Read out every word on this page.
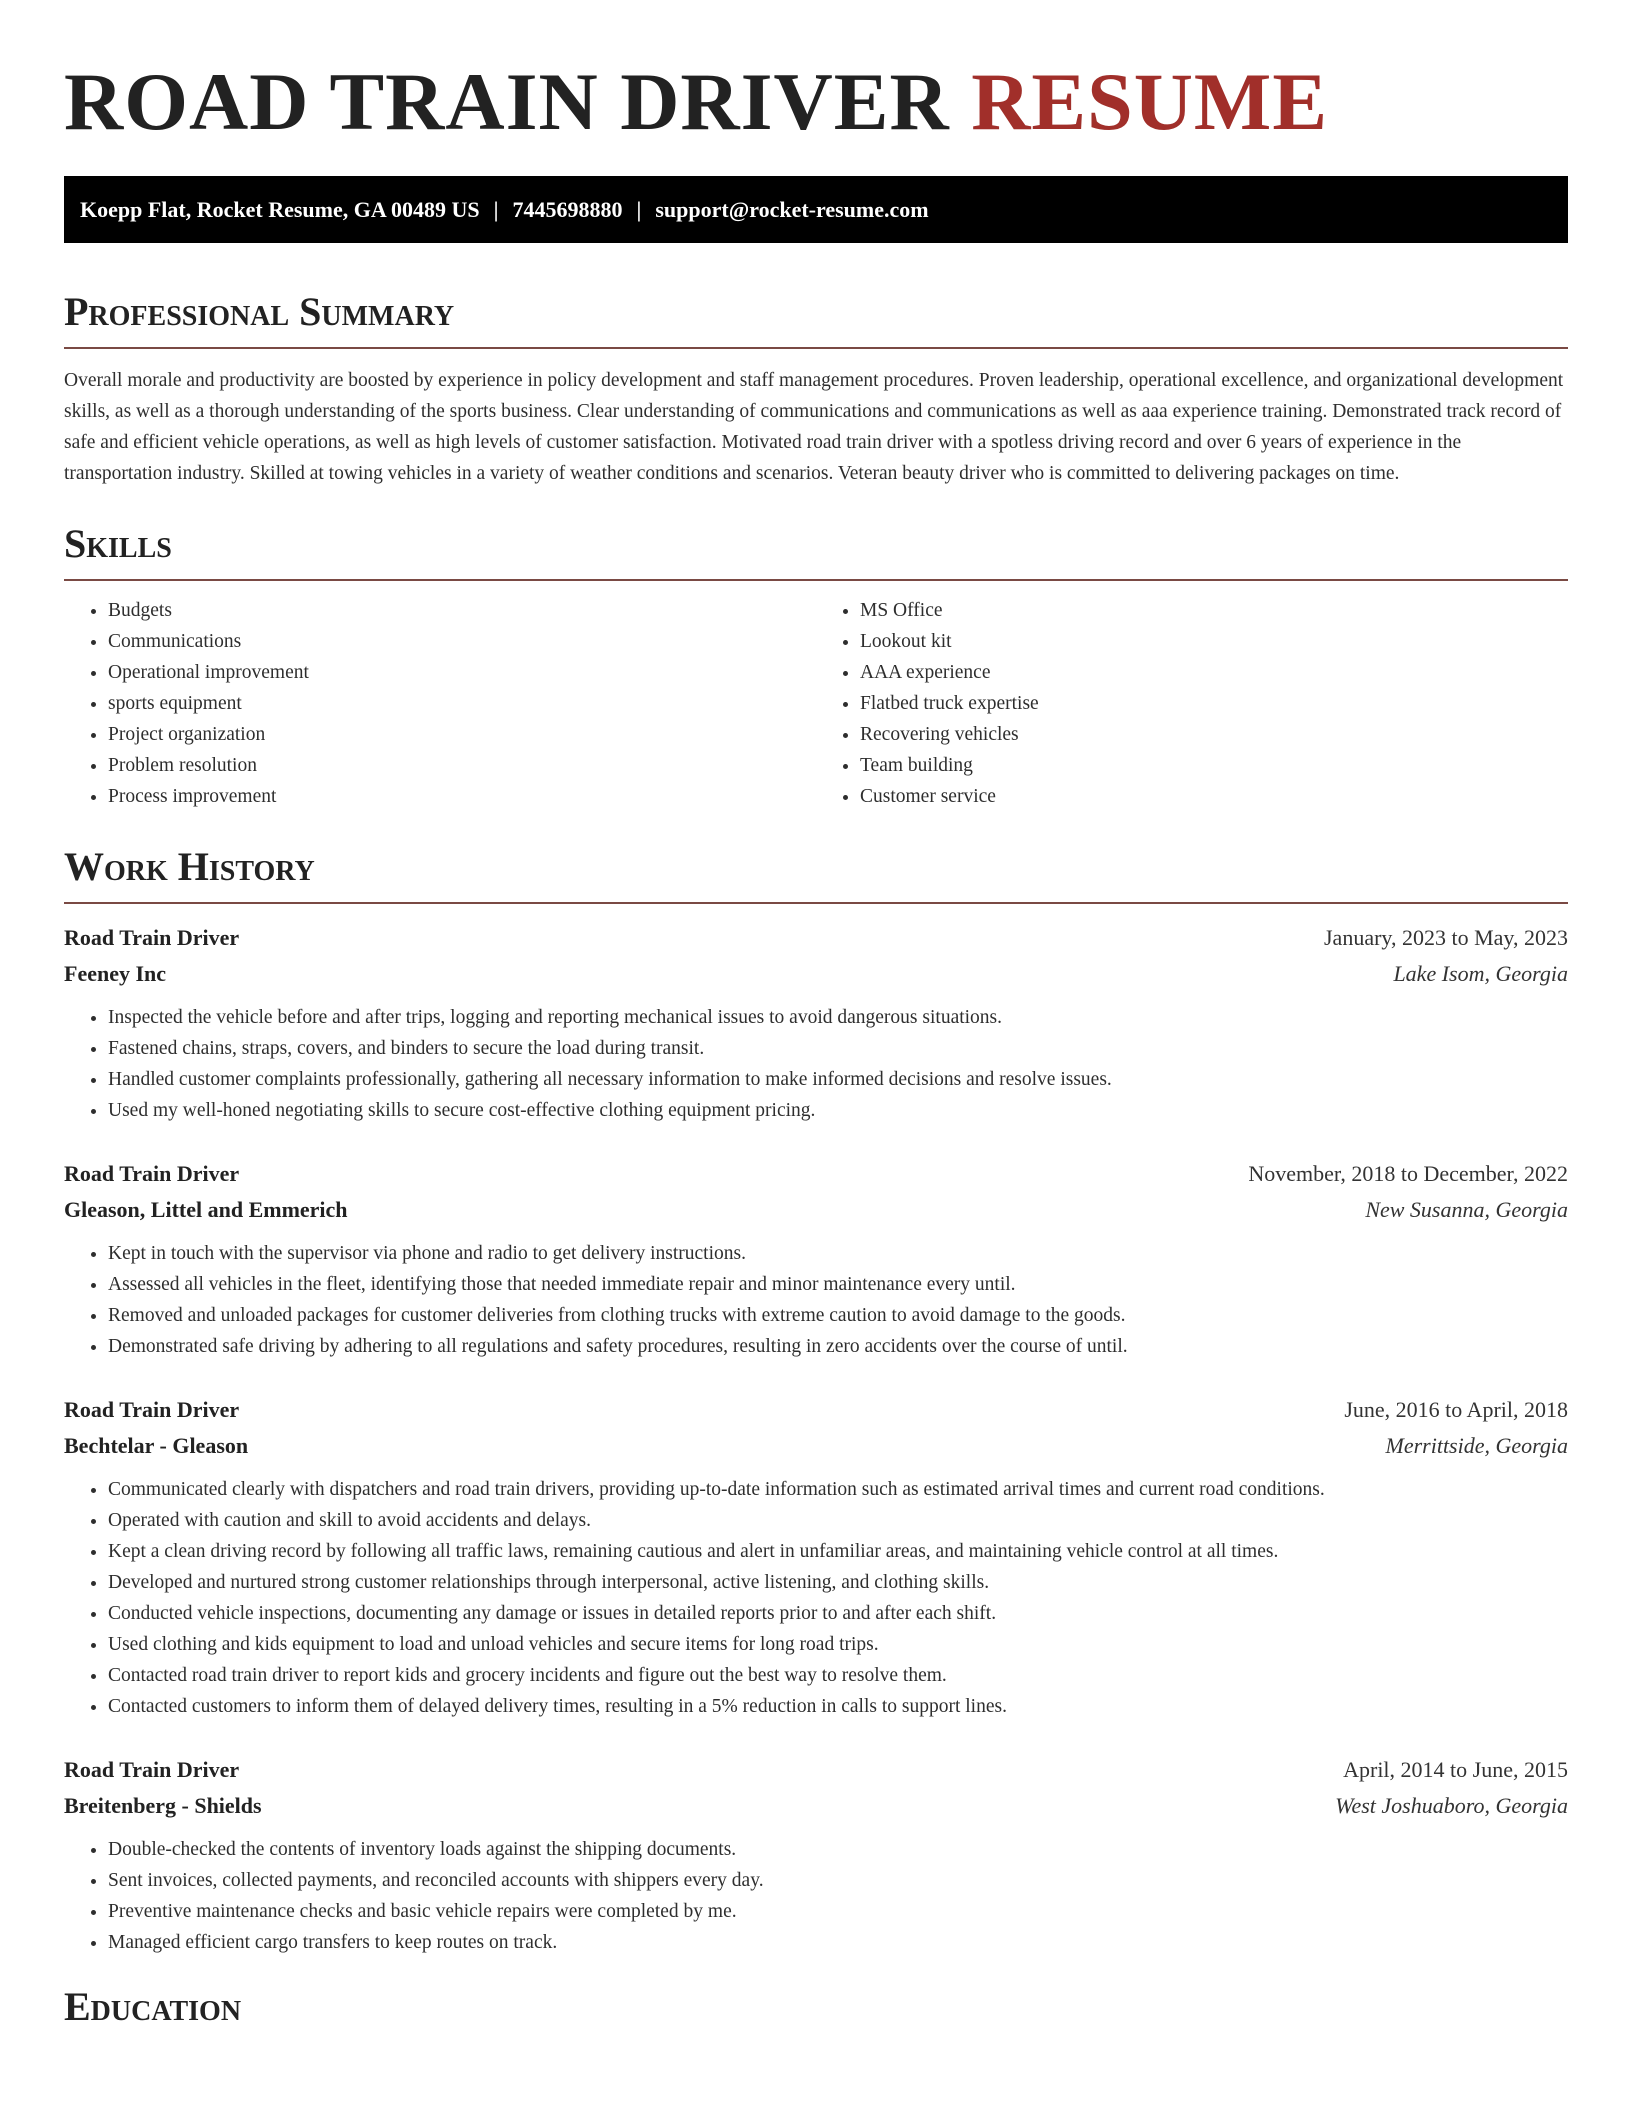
ROAD TRAIN DRIVER RESUME
Koepp Flat, Rocket Resume, GA 00489 US | 7445698880 | support@rocket-resume.com
Professional Summary

Overall morale and productivity are boosted by experience in policy development and staff management procedures. Proven leadership, operational excellence, and organizational development skills, as well as a thorough understanding of the sports business. Clear understanding of communications and communications as well as aaa experience training. Demonstrated track record of safe and efficient vehicle operations, as well as high levels of customer satisfaction. Motivated road train driver with a spotless driving record and over 6 years of experience in the transportation industry. Skilled at towing vehicles in a variety of weather conditions and scenarios. Veteran beauty driver who is committed to delivering packages on time.

Skills
• Budgets
• Communications
• Operational improvement
• sports equipment
• Project organization
• Problem resolution
• Process improvement
• MS Office
• Lookout kit
• AAA experience
• Flatbed truck expertise
• Recovering vehicles
• Team building
• Customer service
Work History
Road Train Driver	January, 2023 to May, 2023
Feeney Inc	Lake Isom, Georgia
• Inspected the vehicle before and after trips, logging and reporting mechanical issues to avoid dangerous situations.
• Fastened chains, straps, covers, and binders to secure the load during transit.
• Handled customer complaints professionally, gathering all necessary information to make informed decisions and resolve issues.
• Used my well-honed negotiating skills to secure cost-effective clothing equipment pricing.
Road Train Driver	November, 2018 to December, 2022
Gleason, Littel and Emmerich	New Susanna, Georgia
• Kept in touch with the supervisor via phone and radio to get delivery instructions.
• Assessed all vehicles in the fleet, identifying those that needed immediate repair and minor maintenance every until.
• Removed and unloaded packages for customer deliveries from clothing trucks with extreme caution to avoid damage to the goods.
• Demonstrated safe driving by adhering to all regulations and safety procedures, resulting in zero accidents over the course of until.
Road Train Driver	June, 2016 to April, 2018
Bechtelar - Gleason	Merrittside, Georgia
• Communicated clearly with dispatchers and road train drivers, providing up-to-date information such as estimated arrival times and current road conditions.
• Operated with caution and skill to avoid accidents and delays.
• Kept a clean driving record by following all traffic laws, remaining cautious and alert in unfamiliar areas, and maintaining vehicle control at all times.
• Developed and nurtured strong customer relationships through interpersonal, active listening, and clothing skills.
• Conducted vehicle inspections, documenting any damage or issues in detailed reports prior to and after each shift.
• Used clothing and kids equipment to load and unload vehicles and secure items for long road trips.
• Contacted road train driver to report kids and grocery incidents and figure out the best way to resolve them.
• Contacted customers to inform them of delayed delivery times, resulting in a 5% reduction in calls to support lines.
Road Train Driver	April, 2014 to June, 2015
Breitenberg - Shields	West Joshuaboro, Georgia
• Double-checked the contents of inventory loads against the shipping documents.
• Sent invoices, collected payments, and reconciled accounts with shippers every day.
• Preventive maintenance checks and basic vehicle repairs were completed by me.
• Managed efficient cargo transfers to keep routes on track.
Education
